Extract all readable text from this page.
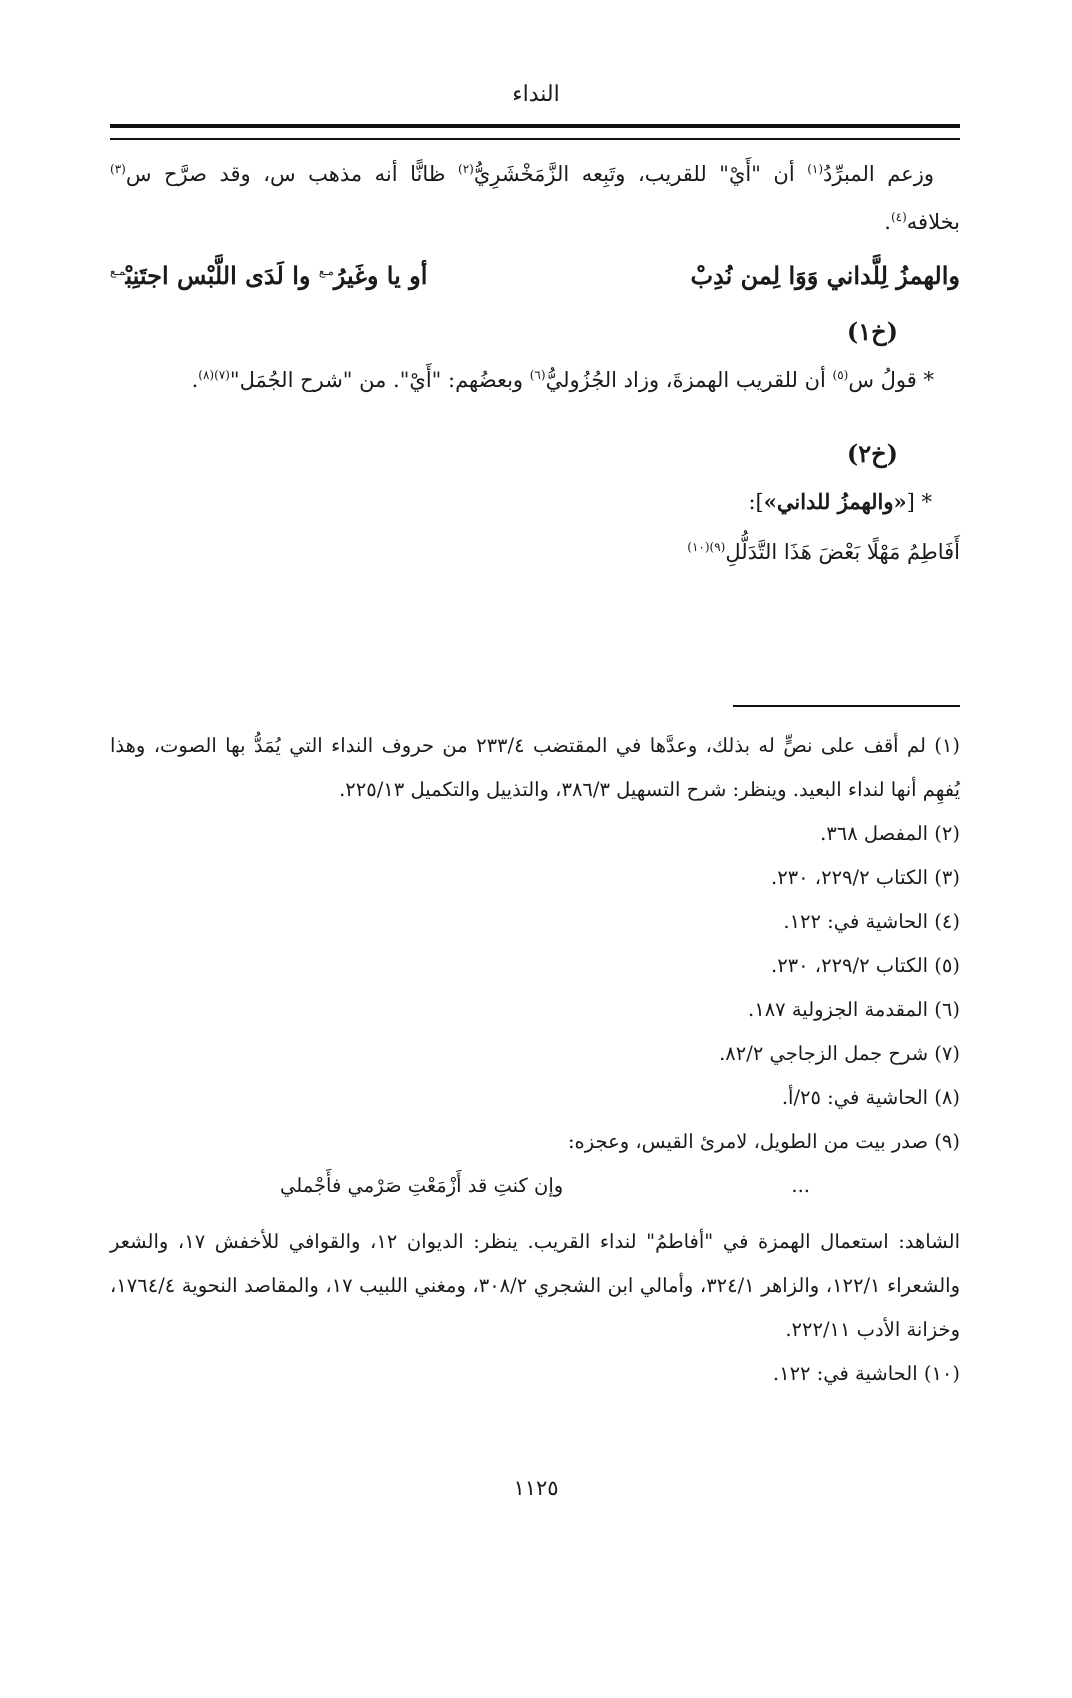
النداء

وزعم المبرِّدُ$^{(١)}$ أن "أَيْ" للقريب، وتَبِعه الزَّمَخْشَرِيُّ$^{(٢)}$ ظانًّا أنه مذهب س، وقد صرَّح س$^{(٣)}$ بخلافه$^{(٤)}$.

والهمزُ لِلَّداني وَوَا لِمن نُدِبْ
أو يا وغَيرُ$^{مـع}$ وا لَدَى اللَّبْس اجتَنِبْ$^{مـع}$

(خ١)

* قولُ س$^{(٥)}$ أن للقريب الهمزةَ، وزاد الجُزُوليُّ$^{(٦)}$ وبعضُهم: "أَيْ". من "شرح الجُمَل"$^{(٧)(٨)}$.

(خ٢)

* [«والهمزُ للداني»]:

أَفَاطِمُ مَهْلًا بَعْضَ هَذَا التَّدَلُّلِ$^{(٩)(١٠)}$

(١) لم أقف على نصٍّ له بذلك، وعدَّها في المقتضب ٢٣٣/٤ من حروف النداء التي يُمَدُّ بها الصوت، وهذا يُفهِم أنها لنداء البعيد. وينظر: شرح التسهيل ٣٨٦/٣، والتذييل والتكميل ٢٢٥/١٣.

(٢) المفصل ٣٦٨.

(٣) الكتاب ٢٢٩/٢، ٢٣٠.

(٤) الحاشية في: ١٢٢.

(٥) الكتاب ٢٢٩/٢، ٢٣٠.

(٦) المقدمة الجزولية ١٨٧.

(٧) شرح جمل الزجاجي ٨٢/٢.

(٨) الحاشية في: ٢٥/أ.

(٩) صدر بيت من الطويل، لامرئ القيس، وعجزه:

...
وإن كنتِ قد أَزْمَعْتِ صَرْمي فأَجْملي

الشاهد: استعمال الهمزة في "أفاطمُ" لنداء القريب. ينظر: الديوان ١٢، والقوافي للأخفش ١٧، والشعر والشعراء ١٢٢/١، والزاهر ٣٢٤/١، وأمالي ابن الشجري ٣٠٨/٢، ومغني اللبيب ١٧، والمقاصد النحوية ١٧٦٤/٤، وخزانة الأدب ٢٢٢/١١.

(١٠) الحاشية في: ١٢٢.

١١٢٥
